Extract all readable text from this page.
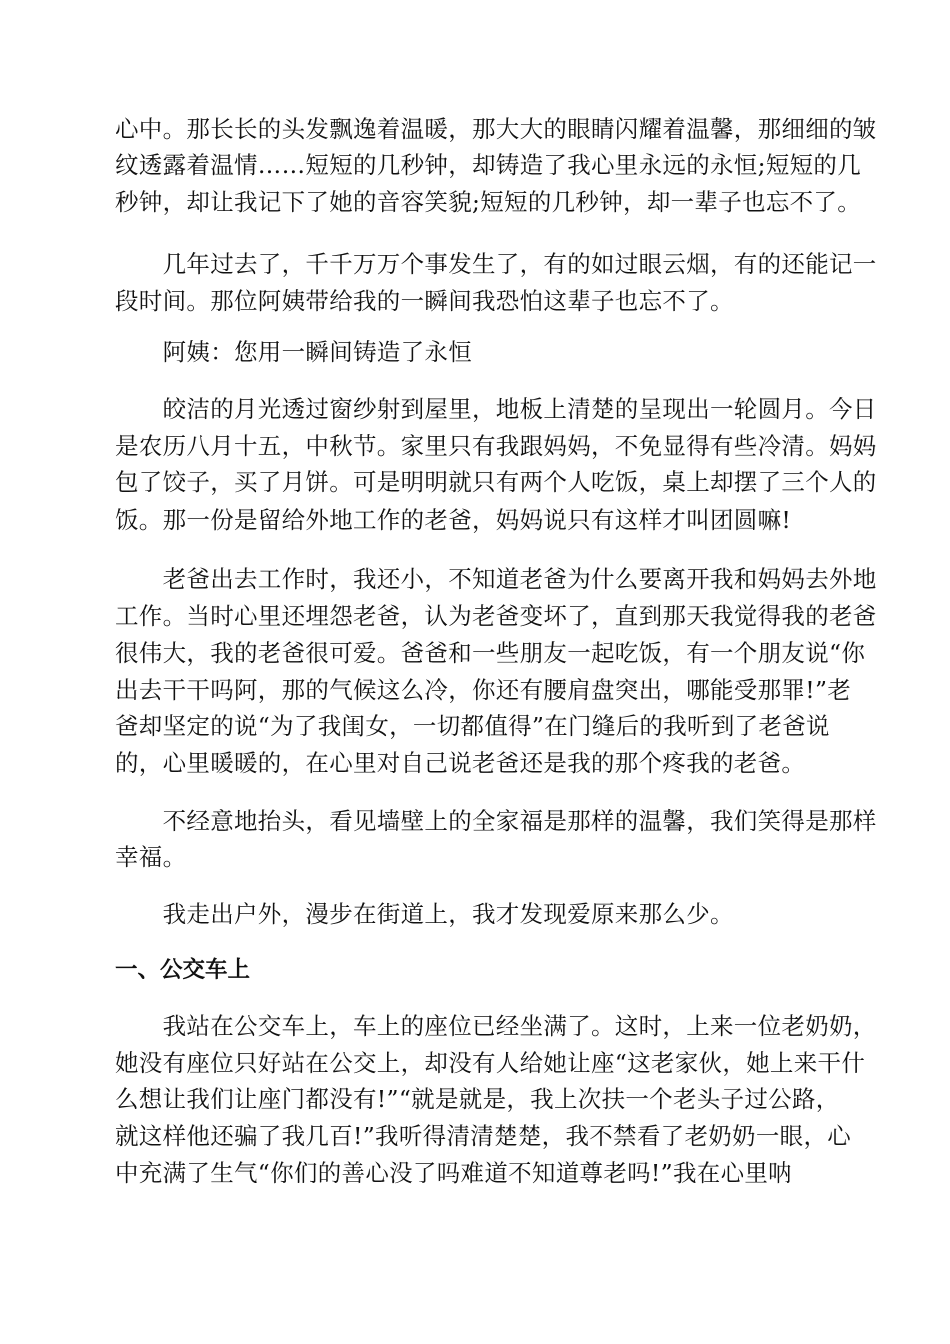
心中。那长长的头发飘逸着温暖，那大大的眼睛闪耀着温馨，那细细的皱
纹透露着温情……短短的几秒钟，却铸造了我心里永远的永恒;短短的几
秒钟，却让我记下了她的音容笑貌;短短的几秒钟，却一辈子也忘不了。
　　几年过去了，千千万万个事发生了，有的如过眼云烟，有的还能记一
段时间。那位阿姨带给我的一瞬间我恐怕这辈子也忘不了。
　　阿姨：您用一瞬间铸造了永恒
　　皎洁的月光透过窗纱射到屋里，地板上清楚的呈现出一轮圆月。今日
是农历八月十五，中秋节。家里只有我跟妈妈，不免显得有些冷清。妈妈
包了饺子，买了月饼。可是明明就只有两个人吃饭，桌上却摆了三个人的
饭。那一份是留给外地工作的老爸，妈妈说只有这样才叫团圆嘛!
　　老爸出去工作时，我还小，不知道老爸为什么要离开我和妈妈去外地
工作。当时心里还埋怨老爸，认为老爸变坏了，直到那天我觉得我的老爸
很伟大，我的老爸很可爱。爸爸和一些朋友一起吃饭，有一个朋友说“你
出去干干吗阿，那的气候这么冷，你还有腰肩盘突出，哪能受那罪!”老
爸却坚定的说“为了我闺女，一切都值得”在门缝后的我听到了老爸说
的，心里暖暖的，在心里对自己说老爸还是我的那个疼我的老爸。
　　不经意地抬头，看见墙壁上的全家福是那样的温馨，我们笑得是那样
幸福。
　　我走出户外，漫步在街道上，我才发现爱原来那么少。
一、公交车上
　　我站在公交车上，车上的座位已经坐满了。这时，上来一位老奶奶，
她没有座位只好站在公交上，却没有人给她让座“这老家伙，她上来干什
么想让我们让座门都没有!”“就是就是，我上次扶一个老头子过公路，
就这样他还骗了我几百!”我听得清清楚楚，我不禁看了老奶奶一眼，心
中充满了生气“你们的善心没了吗难道不知道尊老吗!”我在心里呐
